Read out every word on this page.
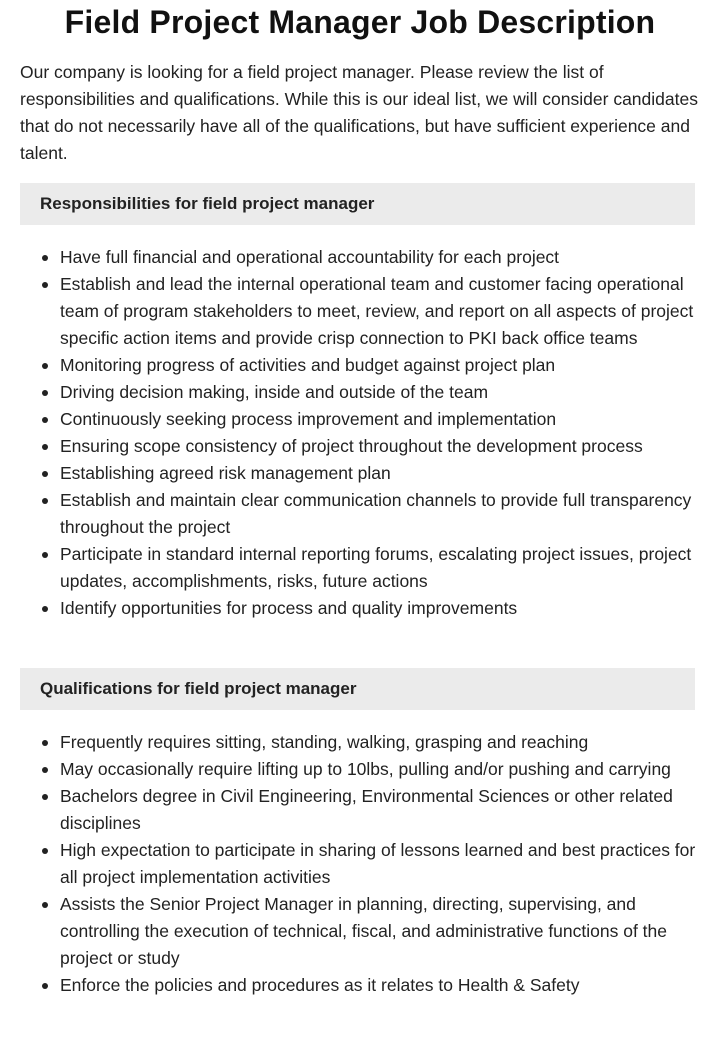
Field Project Manager Job Description

Our company is looking for a field project manager. Please review the list of responsibilities and qualifications. While this is our ideal list, we will consider candidates that do not necessarily have all of the qualifications, but have sufficient experience and talent.

Responsibilities for field project manager
Have full financial and operational accountability for each project
Establish and lead the internal operational team and customer facing operational team of program stakeholders to meet, review, and report on all aspects of project specific action items and provide crisp connection to PKI back office teams
Monitoring progress of activities and budget against project plan
Driving decision making, inside and outside of the team
Continuously seeking process improvement and implementation
Ensuring scope consistency of project throughout the development process
Establishing agreed risk management plan
Establish and maintain clear communication channels to provide full transparency throughout the project
Participate in standard internal reporting forums, escalating project issues, project updates, accomplishments, risks, future actions
Identify opportunities for process and quality improvements
Qualifications for field project manager
Frequently requires sitting, standing, walking, grasping and reaching
May occasionally require lifting up to 10lbs, pulling and/or pushing and carrying
Bachelors degree in Civil Engineering, Environmental Sciences or other related disciplines
High expectation to participate in sharing of lessons learned and best practices for all project implementation activities
Assists the Senior Project Manager in planning, directing, supervising, and controlling the execution of technical, fiscal, and administrative functions of the project or study
Enforce the policies and procedures as it relates to Health & Safety
